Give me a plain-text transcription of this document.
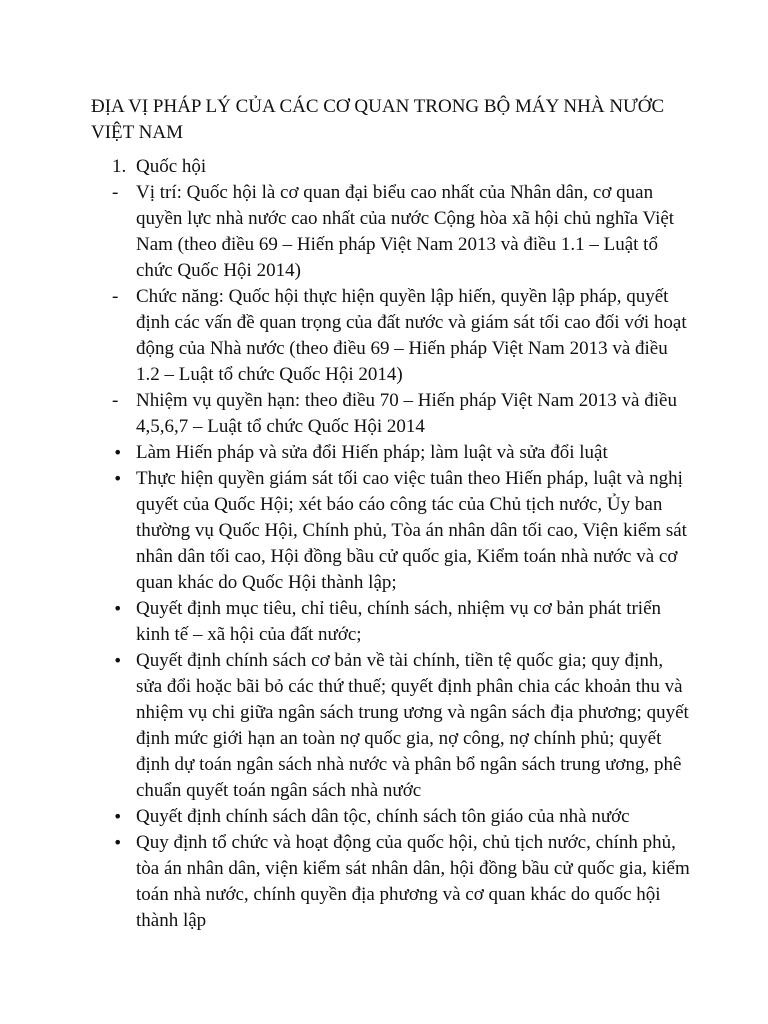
ĐỊA VỊ PHÁP LÝ CỦA CÁC CƠ QUAN TRONG BỘ MÁY NHÀ NƯỚC VIỆT NAM

1. Quốc hội

- Vị trí: Quốc hội là cơ quan đại biểu cao nhất của Nhân dân, cơ quan quyền lực nhà nước cao nhất của nước Cộng hòa xã hội chủ nghĩa Việt Nam (theo điều 69 – Hiến pháp Việt Nam 2013 và điều 1.1 – Luật tổ chức Quốc Hội 2014)

- Chức năng: Quốc hội thực hiện quyền lập hiến, quyền lập pháp, quyết định các vấn đề quan trọng của đất nước và giám sát tối cao đối với hoạt động của Nhà nước (theo điều 69 – Hiến pháp Việt Nam 2013 và điều 1.2 – Luật tổ chức Quốc Hội 2014)

- Nhiệm vụ quyền hạn: theo điều 70 – Hiến pháp Việt Nam 2013 và điều 4,5,6,7 – Luật tổ chức Quốc Hội 2014

• Làm Hiến pháp và sửa đổi Hiến pháp; làm luật và sửa đổi luật

• Thực hiện quyền giám sát tối cao việc tuân theo Hiến pháp, luật và nghị quyết của Quốc Hội; xét báo cáo công tác của Chủ tịch nước, Ủy ban thường vụ Quốc Hội, Chính phủ, Tòa án nhân dân tối cao, Viện kiểm sát nhân dân tối cao, Hội đồng bầu cử quốc gia, Kiểm toán nhà nước và cơ quan khác do Quốc Hội thành lập;

• Quyết định mục tiêu, chỉ tiêu, chính sách, nhiệm vụ cơ bản phát triển kinh tế – xã hội của đất nước;

• Quyết định chính sách cơ bản về tài chính, tiền tệ quốc gia; quy định, sửa đổi hoặc bãi bỏ các thứ thuế; quyết định phân chia các khoản thu và nhiệm vụ chi giữa ngân sách trung ương và ngân sách địa phương; quyết định mức giới hạn an toàn nợ quốc gia, nợ công, nợ chính phủ; quyết định dự toán ngân sách nhà nước và phân bổ ngân sách trung ương, phê chuẩn quyết toán ngân sách nhà nước

• Quyết định chính sách dân tộc, chính sách tôn giáo của nhà nước

• Quy định tổ chức và hoạt động của quốc hội, chủ tịch nước, chính phủ, tòa án nhân dân, viện kiểm sát nhân dân, hội đồng bầu cử quốc gia, kiểm toán nhà nước, chính quyền địa phương và cơ quan khác do quốc hội thành lập
